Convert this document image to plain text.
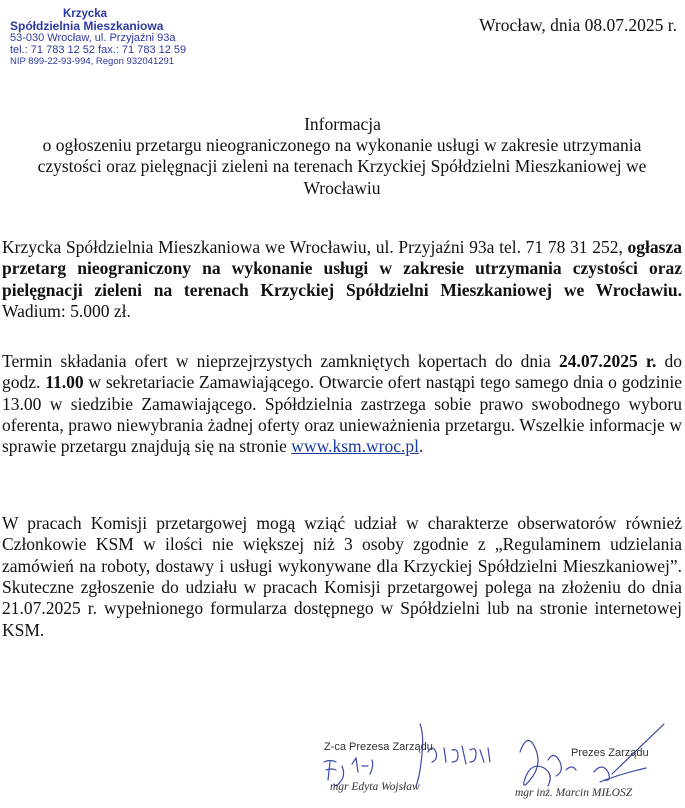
Krzycka
Spółdzielnia Mieszkaniowa
53-030 Wrocław, ul. Przyjaźni 93a
tel.: 71 783 12 52 fax.: 71 783 12 59
NIP 899-22-93-994, Regon 932041291
Wrocław, dnia 08.07.2025 r.
Informacja
o ogłoszeniu przetargu nieograniczonego na wykonanie usługi w zakresie utrzymania czystości oraz pielęgnacji zieleni na terenach Krzyckiej Spółdzielni Mieszkaniowej we Wrocławiu
Krzycka Spółdzielnia Mieszkaniowa we Wrocławiu, ul. Przyjaźni 93a tel. 71 78 31 252, ogłasza przetarg nieograniczony na wykonanie usługi w zakresie utrzymania czystości oraz pielęgnacji zieleni na terenach Krzyckiej Spółdzielni Mieszkaniowej we Wrocławiu. Wadium: 5.000 zł.
Termin składania ofert w nieprzejrzystych zamkniętych kopertach do dnia 24.07.2025 r. do godz. 11.00 w sekretariacie Zamawiającego. Otwarcie ofert nastąpi tego samego dnia o godzinie 13.00 w siedzibie Zamawiającego. Spółdzielnia zastrzega sobie prawo swobodnego wyboru oferenta, prawo niewybrania żadnej oferty oraz unieważnienia przetargu. Wszelkie informacje w sprawie przetargu znajdują się na stronie www.ksm.wroc.pl.
W pracach Komisji przetargowej mogą wziąć udział w charakterze obserwatorów również Członkowie KSM w ilości nie większej niż 3 osoby zgodnie z „Regulaminem udzielania zamówień na roboty, dostawy i usługi wykonywane dla Krzyckiej Spółdzielni Mieszkaniowej”. Skuteczne zgłoszenie do udziału w pracach Komisji przetargowej polega na złożeniu do dnia 21.07.2025 r. wypełnionego formularza dostępnego w Spółdzielni lub na stronie internetowej KSM.
Z-ca Prezesa Zarządu
mgr Edyta Wojsław
Prezes Zarządu
mgr inż. Marcin MIŁOSZ
